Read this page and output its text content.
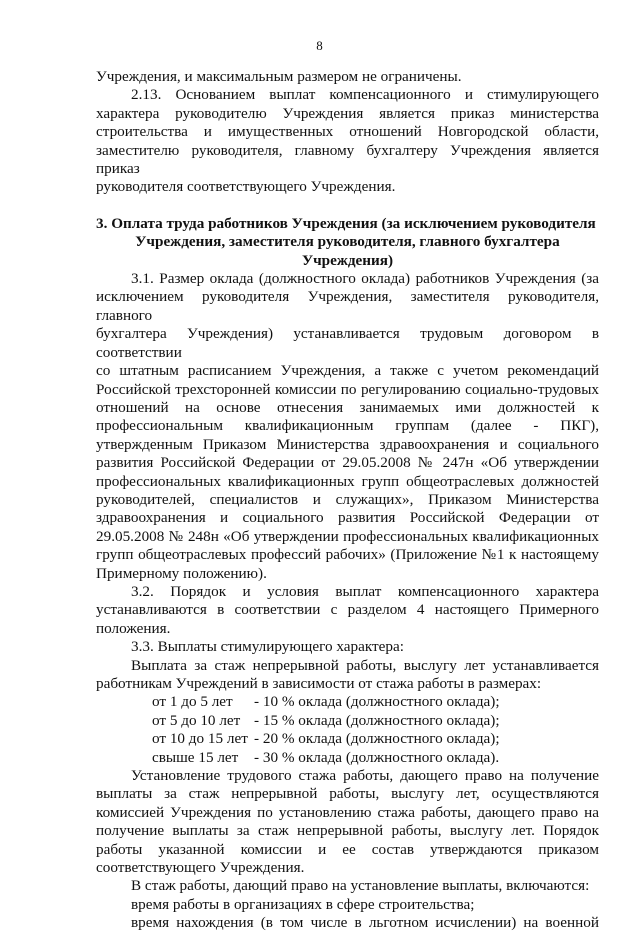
8
Учреждения, и максимальным размером не ограничены.
2.13. Основанием выплат компенсационного и стимулирующего
характера руководителю Учреждения является приказ министерства
строительства и имущественных отношений Новгородской области,
заместителю руководителя, главному бухгалтеру Учреждения является приказ
руководителя соответствующего Учреждения.
3. Оплата труда работников Учреждения (за исключением руководителя
Учреждения, заместителя руководителя, главного бухгалтера
Учреждения)
3.1. Размер оклада (должностного оклада) работников Учреждения (за
исключением руководителя Учреждения, заместителя руководителя, главного
бухгалтера Учреждения) устанавливается трудовым договором в соответствии
со штатным расписанием Учреждения, а также с учетом рекомендаций
Российской трехсторонней комиссии по регулированию социально-трудовых
отношений на основе отнесения занимаемых ими должностей к
профессиональным квалификационным группам (далее - ПКГ),
утвержденным Приказом Министерства здравоохранения и социального
развития Российской Федерации от 29.05.2008 № 247н «Об утверждении
профессиональных квалификационных групп общеотраслевых должностей
руководителей, специалистов и служащих», Приказом Министерства
здравоохранения и социального развития Российской Федерации от
29.05.2008 № 248н «Об утверждении профессиональных квалификационных
групп общеотраслевых профессий рабочих» (Приложение №1 к настоящему
Примерному положению).
3.2. Порядок и условия выплат компенсационного характера
устанавливаются в соответствии с разделом 4 настоящего Примерного
положения.
3.3. Выплаты стимулирующего характера:
Выплата за стаж непрерывной работы, выслугу лет устанавливается
работникам Учреждений в зависимости от стажа работы в размерах:
от 1 до 5 лет	- 10 % оклада (должностного оклада);
от 5 до 10 лет - 15 % оклада (должностного оклада);
от 10 до 15 лет - 20 % оклада (должностного оклада);
свыше 15 лет	- 30 % оклада (должностного оклада).
Установление трудового стажа работы, дающего право на получение
выплаты за стаж непрерывной работы, выслугу лет, осуществляются
комиссией Учреждения по установлению стажа работы, дающего право на
получение выплаты за стаж непрерывной работы, выслугу лет. Порядок
работы указанной комиссии и ее состав утверждаются приказом
соответствующего Учреждения.
В стаж работы, дающий право на установление выплаты, включаются:
время работы в организациях в сфере строительства;
время нахождения (в том числе в льготном исчислении) на военной
